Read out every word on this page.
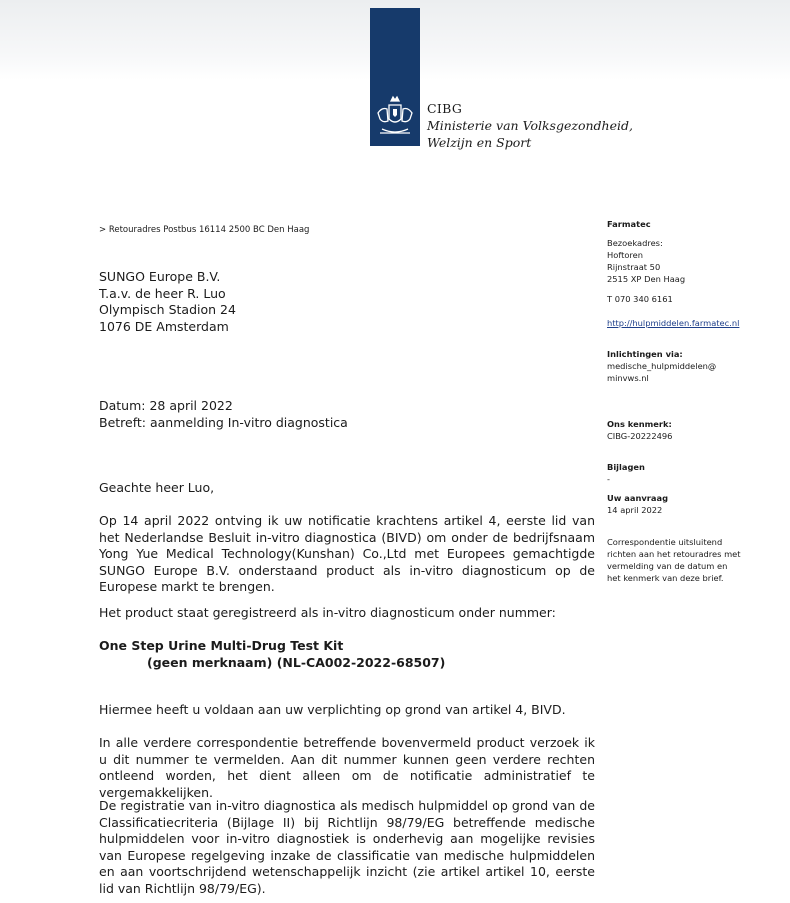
CIBG
Ministerie van Volksgezondheid,
Welzijn en Sport
> Retouradres Postbus 16114 2500 BC Den Haag
SUNGO Europe B.V.
T.a.v. de heer R. Luo
Olympisch Stadion 24
1076 DE Amsterdam
Datum: 28 april 2022
Betreft: aanmelding In-vitro diagnostica
Farmatec
Bezoekadres:
Hoftoren
Rijnstraat 50
2515 XP Den Haag
T 070 340 6161
http://hulpmiddelen.farmatec.nl
Inlichtingen via:
medische_hulpmiddelen@
minvws.nl
Ons kenmerk:
CIBG-20222496
Bijlagen
-
Uw aanvraag
14 april 2022
Correspondentie uitsluitend
richten aan het retouradres met
vermelding van de datum en
het kenmerk van deze brief.
Geachte heer Luo,
Op 14 april 2022 ontving ik uw notificatie krachtens artikel 4, eerste lid van het Nederlandse Besluit in-vitro diagnostica (BIVD) om onder de bedrijfsnaam Yong Yue Medical Technology(Kunshan) Co.,Ltd met Europees gemachtigde SUNGO Europe B.V. onderstaand product als in-vitro diagnosticum op de Europese markt te brengen.
Het product staat geregistreerd als in-vitro diagnosticum onder nummer:
One Step Urine Multi-Drug Test Kit
(geen merknaam) (NL-CA002-2022-68507)
Hiermee heeft u voldaan aan uw verplichting op grond van artikel 4, BIVD.
In alle verdere correspondentie betreffende bovenvermeld product verzoek ik u dit nummer te vermelden. Aan dit nummer kunnen geen verdere rechten ontleend worden, het dient alleen om de notificatie administratief te vergemakkelijken.
De registratie van in-vitro diagnostica als medisch hulpmiddel op grond van de Classificatiecriteria (Bijlage II) bij Richtlijn 98/79/EG betreffende medische hulpmiddelen voor in-vitro diagnostiek is onderhevig aan mogelijke revisies van Europese regelgeving inzake de classificatie van medische hulpmiddelen en aan voortschrijdend wetenschappelijk inzicht (zie artikel artikel 10, eerste lid van Richtlijn 98/79/EG).
